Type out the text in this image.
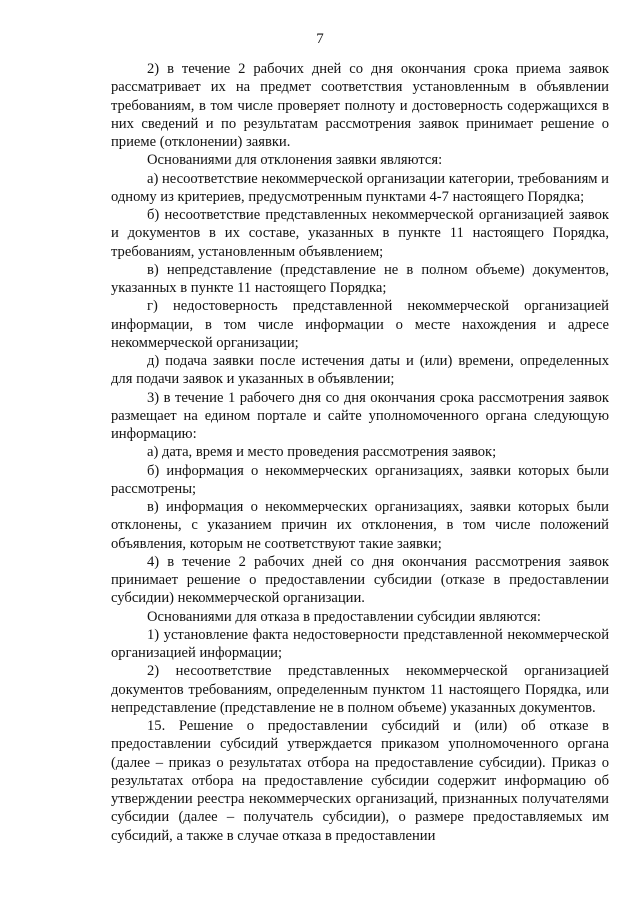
7

2) в течение 2 рабочих дней со дня окончания срока приема заявок рассматривает их на предмет соответствия установленным в объявлении требованиям, в том числе проверяет полноту и достоверность содержащихся в них сведений и по результатам рассмотрения заявок принимает решение о приеме (отклонении) заявки.

Основаниями для отклонения заявки являются:

а) несоответствие некоммерческой организации категории, требованиям и одному из критериев, предусмотренным пунктами 4-7 настоящего Порядка;

б) несоответствие представленных некоммерческой организацией заявок и документов в их составе, указанных в пункте 11 настоящего Порядка, требованиям, установленным объявлением;

в) непредставление (представление не в полном объеме) документов, указанных в пункте 11 настоящего Порядка;

г) недостоверность представленной некоммерческой организацией информации, в том числе информации о месте нахождения и адресе некоммерческой организации;

д) подача заявки после истечения даты и (или) времени, определенных для подачи заявок и указанных в объявлении;

3) в течение 1 рабочего дня со дня окончания срока рассмотрения заявок размещает на едином портале и сайте уполномоченного органа следующую информацию:

а) дата, время и место проведения рассмотрения заявок;

б) информация о некоммерческих организациях, заявки которых были рассмотрены;

в) информация о некоммерческих организациях, заявки которых были отклонены, с указанием причин их отклонения, в том числе положений объявления, которым не соответствуют такие заявки;

4) в течение 2 рабочих дней со дня окончания рассмотрения заявок принимает решение о предоставлении субсидии (отказе в предоставлении субсидии) некоммерческой организации.

Основаниями для отказа в предоставлении субсидии являются:

1) установление факта недостоверности представленной некоммерческой организацией информации;

2) несоответствие представленных некоммерческой организацией документов требованиям, определенным пунктом 11 настоящего Порядка, или непредставление (представление не в полном объеме) указанных документов.

15. Решение о предоставлении субсидий и (или) об отказе в предоставлении субсидий утверждается приказом уполномоченного органа (далее – приказ о результатах отбора на предоставление субсидии). Приказ о результатах отбора на предоставление субсидии содержит информацию об утверждении реестра некоммерческих организаций, признанных получателями субсидии (далее – получатель субсидии), о размере предоставляемых им субсидий, а также в случае отказа в предоставлении
